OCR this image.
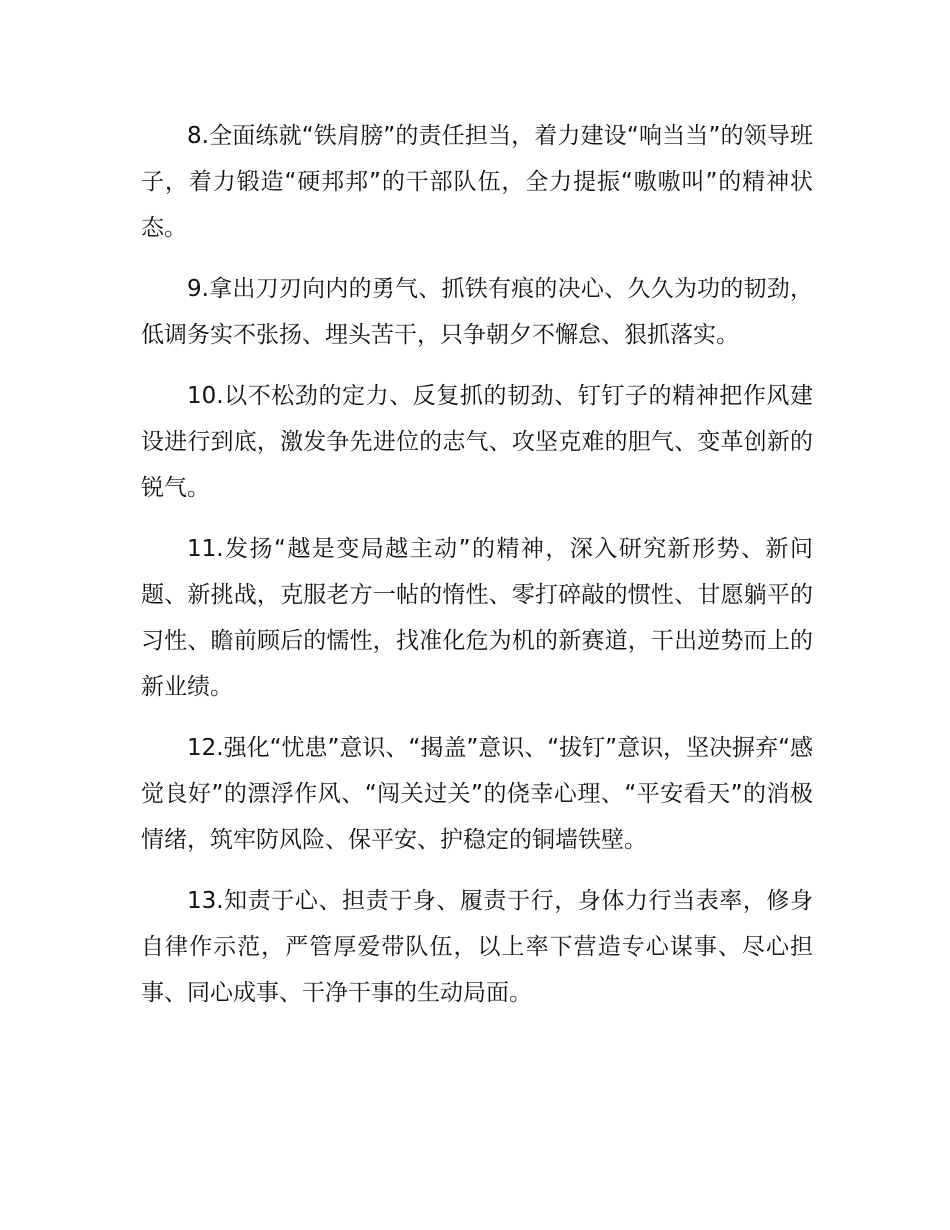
8.全面练就“铁肩膀”的责任担当，着力建设“响当当”的领导班子，着力锻造“硬邦邦”的干部队伍，全力提振“嗷嗷叫”的精神状态。

9.拿出刀刃向内的勇气、抓铁有痕的决心、久久为功的韧劲，低调务实不张扬、埋头苦干，只争朝夕不懈怠、狠抓落实。

10.以不松劲的定力、反复抓的韧劲、钉钉子的精神把作风建设进行到底，激发争先进位的志气、攻坚克难的胆气、变革创新的锐气。

11.发扬“越是变局越主动”的精神，深入研究新形势、新问题、新挑战，克服老方一帖的惰性、零打碎敲的惯性、甘愿躺平的习性、瞻前顾后的懦性，找准化危为机的新赛道，干出逆势而上的新业绩。

12.强化“忧患”意识、“揭盖”意识、“拔钉”意识，坚决摒弃“感觉良好”的漂浮作风、“闯关过关”的侥幸心理、“平安看天”的消极情绪，筑牢防风险、保平安、护稳定的铜墙铁壁。

13.知责于心、担责于身、履责于行，身体力行当表率，修身自律作示范，严管厚爱带队伍，以上率下营造专心谋事、尽心担事、同心成事、干净干事的生动局面。
